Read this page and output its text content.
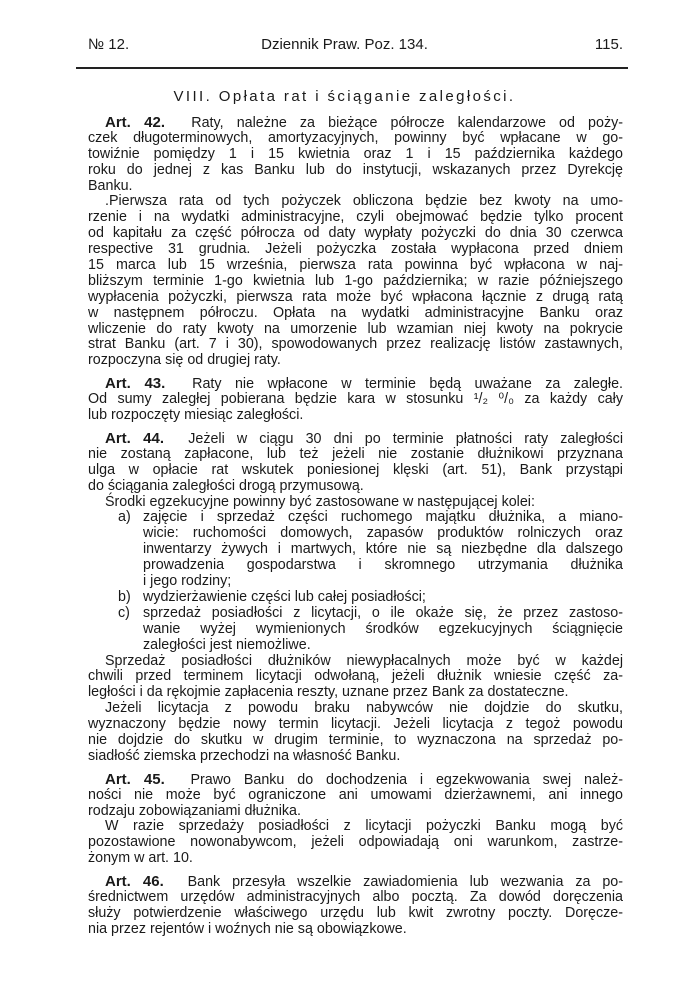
№ 12.	Dziennik Praw. Poz. 134.	115.
VIII. Opłata rat i ściąganie zaległości.
Art. 42. Raty, należne za bieżące półrocze kalendarzowe od poży-
czek długoterminowych, amortyzacyjnych, powinny być wpłacane w go-
towiźnie pomiędzy 1 i 15 kwietnia oraz 1 i 15 października każdego
roku do jednej z kas Banku lub do instytucji, wskazanych przez Dyrekcję
Banku.
.Pierwsza rata od tych pożyczek obliczona będzie bez kwoty na umo-
rzenie i na wydatki administracyjne, czyli obejmować będzie tylko procent
od kapitału za część półrocza od daty wypłaty pożyczki do dnia 30 czerwca
respective 31 grudnia. Jeżeli pożyczka została wypłacona przed dniem
15 marca lub 15 września, pierwsza rata powinna być wpłacona w naj-
bliższym terminie 1-go kwietnia lub 1-go października; w razie późniejszego
wypłacenia pożyczki, pierwsza rata może być wpłacona łącznie z drugą ratą
w następnem półroczu. Opłata na wydatki administracyjne Banku oraz
wliczenie do raty kwoty na umorzenie lub wzamian niej kwoty na pokrycie
strat Banku (art. 7 i 30), spowodowanych przez realizację listów zastawnych,
rozpoczyna się od drugiej raty.
Art. 43. Raty nie wpłacone w terminie będą uważane za zaległe.
Od sumy zaległej pobierana będzie kara w stosunku ¹/₂ ⁰/₀ za każdy cały
lub rozpoczęty miesiąc zaległości.
Art. 44. Jeżeli w ciągu 30 dni po terminie płatności raty zaległości
nie zostaną zapłacone, lub też jeżeli nie zostanie dłużnikowi przyznana
ulga w opłacie rat wskutek poniesionej klęski (art. 51), Bank przystąpi
do ściągania zaległości drogą przymusową.
Środki egzekucyjne powinny być zastosowane w następującej kolei:
a) zajęcie i sprzedaż części ruchomego majątku dłużnika, a miano-
wicie: ruchomości domowych, zapasów produktów rolniczych oraz
inwentarzy żywych i martwych, które nie są niezbędne dla dalszego
prowadzenia gospodarstwa i skromnego utrzymania dłużnika
i jego rodziny;
b) wydzierżawienie części lub całej posiadłości;
c) sprzedaż posiadłości z licytacji, o ile okaże się, że przez zastoso-
wanie wyżej wymienionych środków egzekucyjnych ściągnięcie
zaległości jest niemożliwe.
Sprzedaż posiadłości dłużników niewypłacalnych może być w każdej
chwili przed terminem licytacji odwołaną, jeżeli dłużnik wniesie część za-
ległości i da rękojmie zapłacenia reszty, uznane przez Bank za dostateczne.
Jeżeli licytacja z powodu braku nabywców nie dojdzie do skutku,
wyznaczony będzie nowy termin licytacji. Jeżeli licytacja z tegoż powodu
nie dojdzie do skutku w drugim terminie, to wyznaczona na sprzedaż po-
siadłość ziemska przechodzi na własność Banku.
Art. 45. Prawo Banku do dochodzenia i egzekwowania swej należ-
ności nie może być ograniczone ani umowami dzierżawnemi, ani innego
rodzaju zobowiązaniami dłużnika.
W razie sprzedaży posiadłości z licytacji pożyczki Banku mogą być
pozostawione nowonabywcom, jeżeli odpowiadają oni warunkom, zastrze-
żonym w art. 10.
Art. 46. Bank przesyła wszelkie zawiadomienia lub wezwania za po-
średnictwem urzędów administracyjnych albo pocztą. Za dowód doręczenia
służy potwierdzenie właściwego urzędu lub kwit zwrotny poczty. Doręcze-
nia przez rejentów i woźnych nie są obowiązkowe.
